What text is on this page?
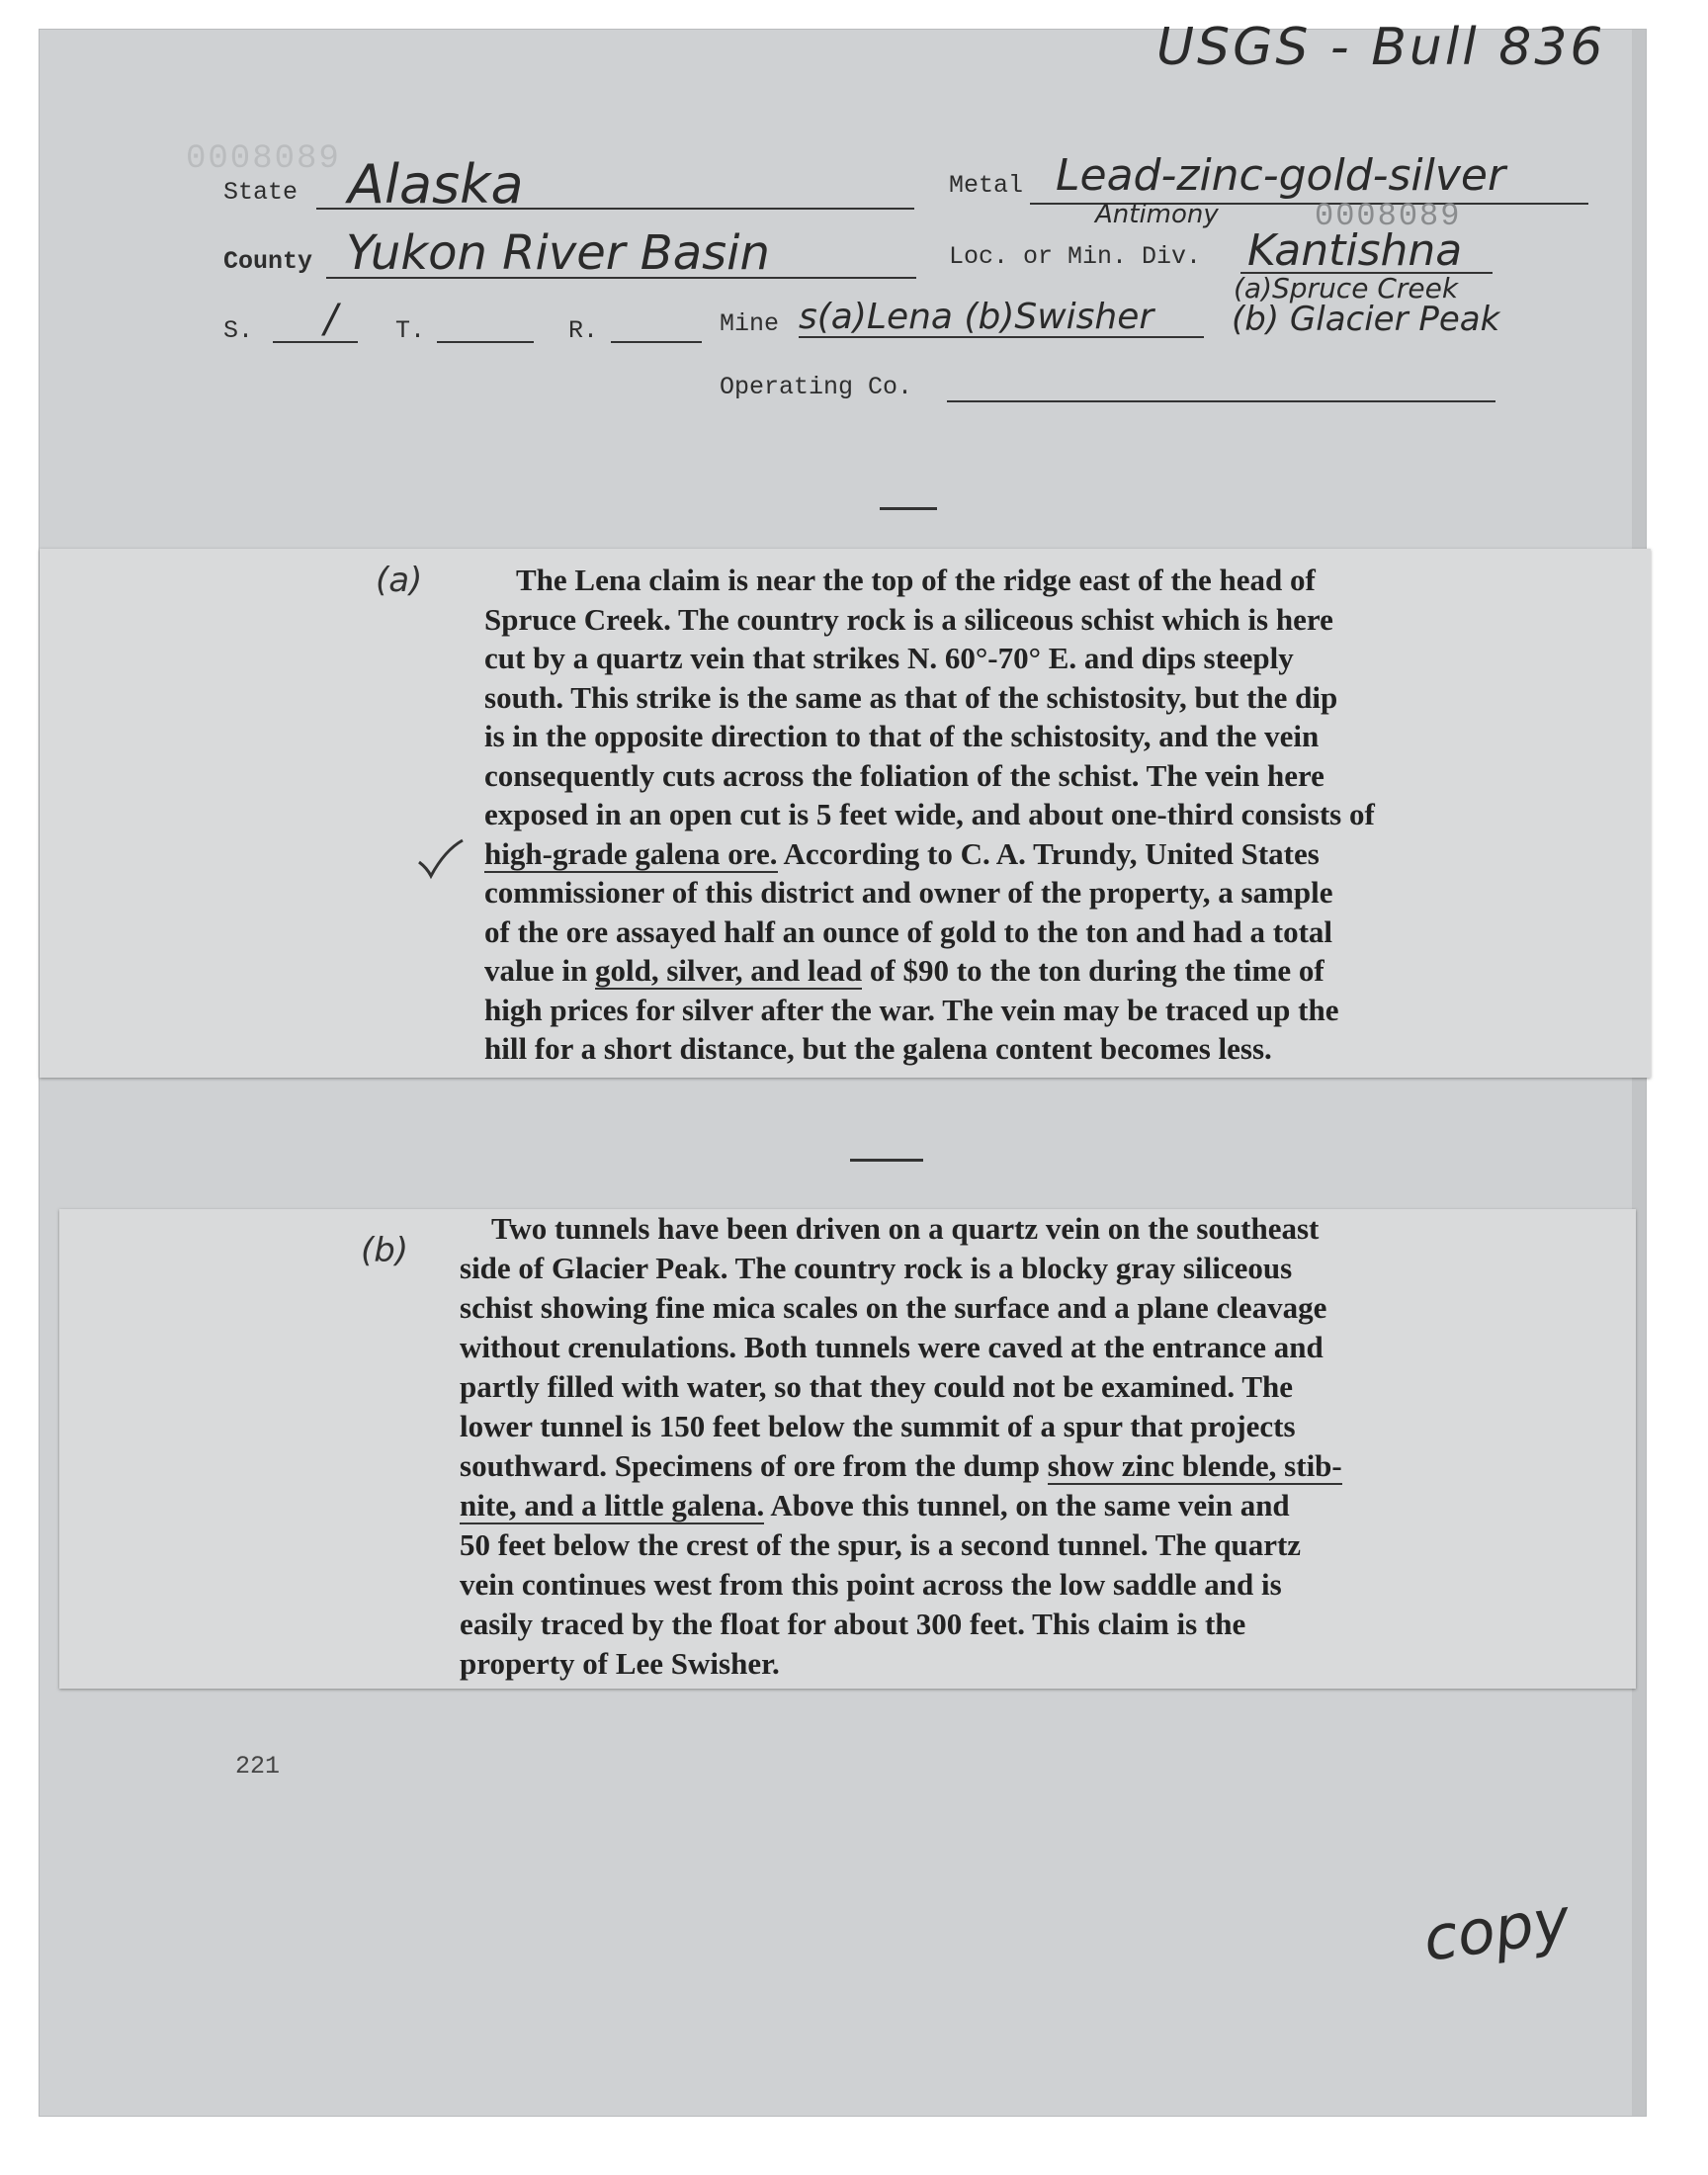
USGS - Bull 836
0008089
State Alaska	Metal Lead-zinc-gold-silver
Antimony	0008089
County Yukon River Basin	Loc. or Min. Div. Kantishna
S. / T.	R.	Mine s(a)Lena (b)Swisher
(a)Spruce Creek
(b) Glacier Peak
Operating Co.
(a)	The Lena claim is near the top of the ridge east of the head of

Spruce Creek. The country rock is a siliceous schist which is here

cut by a quartz vein that strikes N. 60°-70° E. and dips steeply

south. This strike is the same as that of the schistosity, but the dip

is in the opposite direction to that of the schistosity, and the vein

consequently cuts across the foliation of the schist. The vein here

exposed in an open cut is 5 feet wide, and about one-third consists of

high-grade galena ore. According to C. A. Trundy, United States

commissioner of this district and owner of the property, a sample

of the ore assayed half an ounce of gold to the ton and had a total

value in gold, silver, and lead of $90 to the ton during the time of

high prices for silver after the war. The vein may be traced up the

hill for a short distance, but the galena content becomes less.

(b)

Two tunnels have been driven on a quartz vein on the southeast

side of Glacier Peak. The country rock is a blocky gray siliceous

schist showing fine mica scales on the surface and a plane cleavage

without crenulations. Both tunnels were caved at the entrance and

partly filled with water, so that they could not be examined. The

lower tunnel is 150 feet below the summit of a spur that projects

southward. Specimens of ore from the dump show zinc blende, stib-

nite, and a little galena. Above this tunnel, on the same vein and

50 feet below the crest of the spur, is a second tunnel. The quartz

vein continues west from this point across the low saddle and is

easily traced by the float for about 300 feet. This claim is the

property of Lee Swisher.

221
copy
